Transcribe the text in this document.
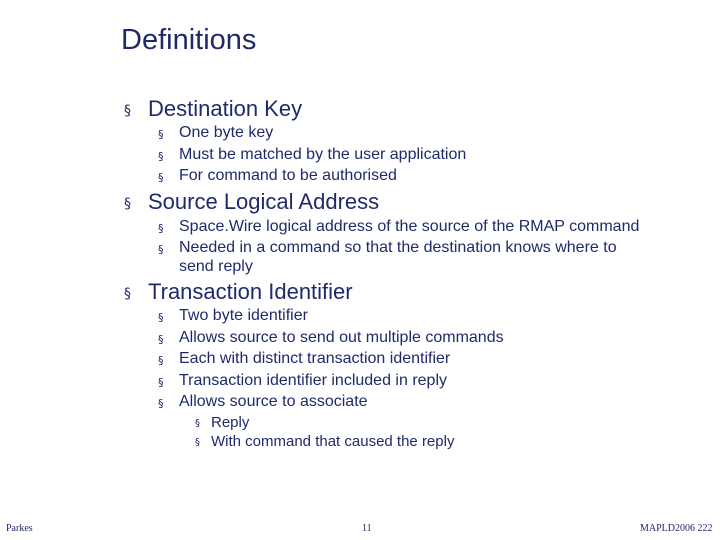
Definitions
§ Destination Key
§ One byte key
§ Must be matched by the user application
§ For command to be authorised
§ Source Logical Address
§ Space.Wire logical address of the source of the RMAP command
§ Needed in a command so that the destination knows where to
send reply
§ Transaction Identifier
§ Two byte identifier
§ Allows source to send out multiple commands
§ Each with distinct transaction identifier
§ Transaction identifier included in reply
§ Allows source to associate
§ Reply
§ With command that caused the reply
Parkes	11	MAPLD2006 222
